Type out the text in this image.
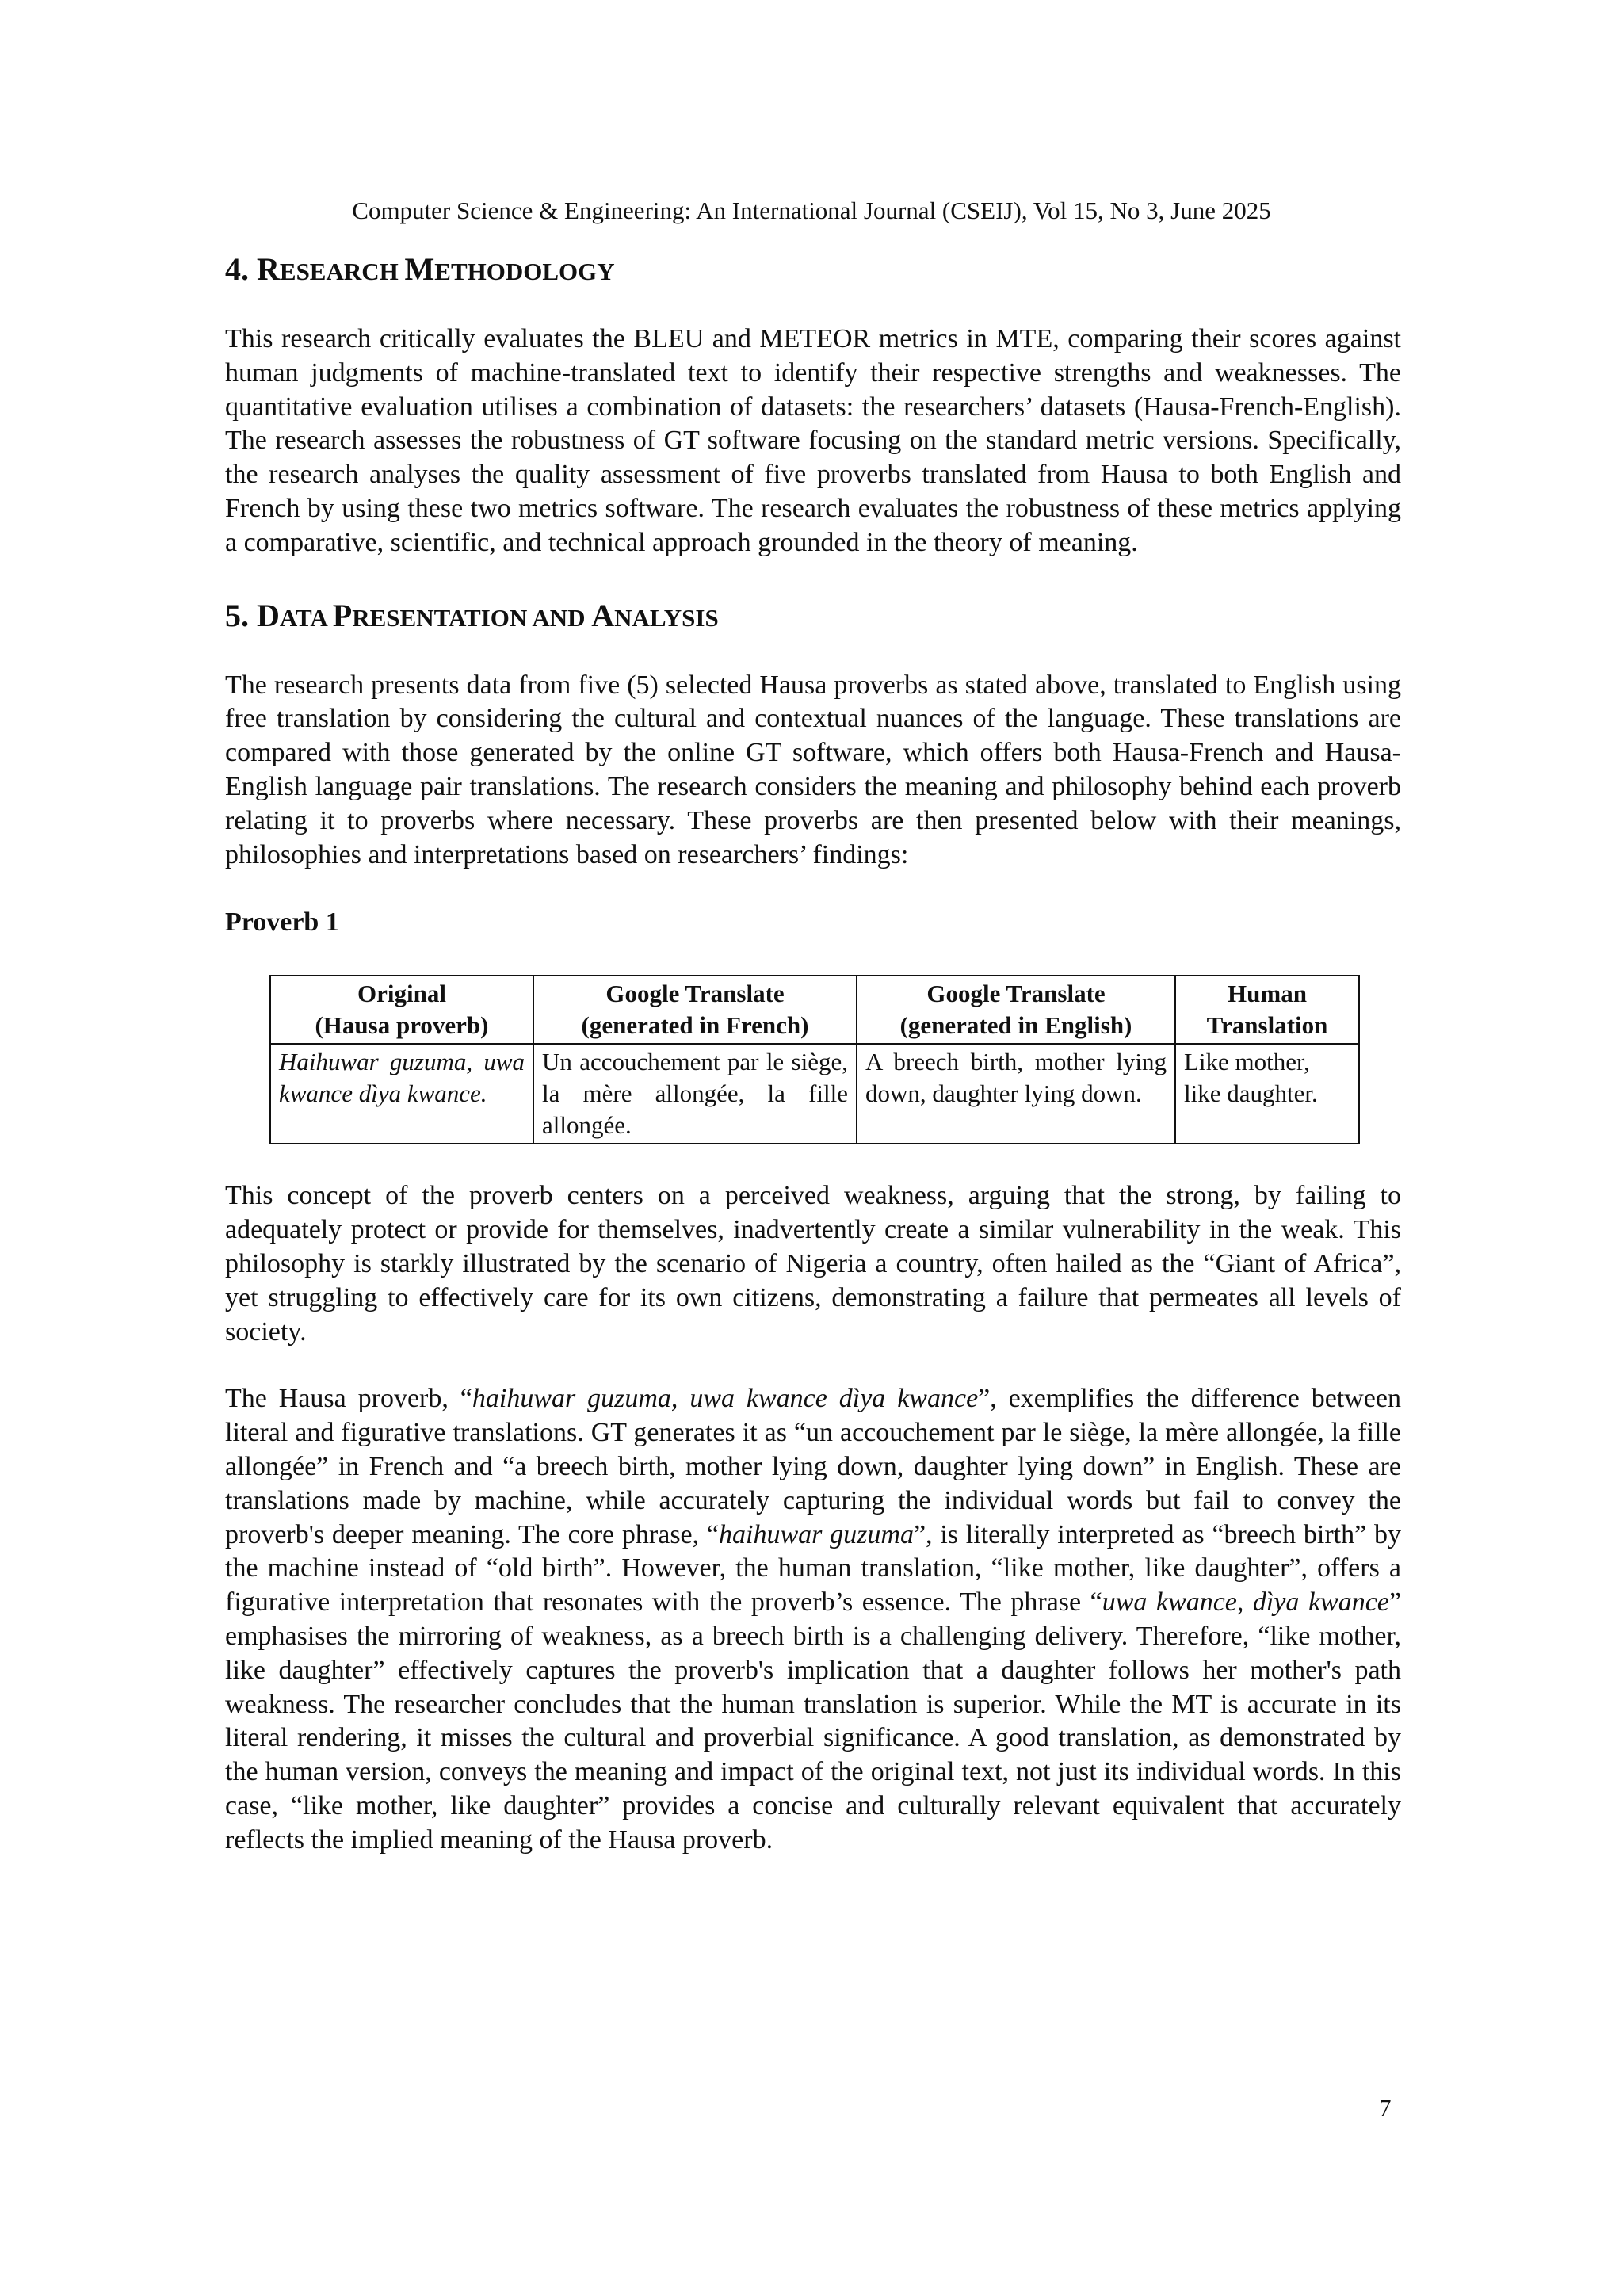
Computer Science & Engineering: An International Journal (CSEIJ), Vol 15, No 3, June 2025

4. RESEARCH METHODOLOGY

This research critically evaluates the BLEU and METEOR metrics in MTE, comparing their scores against human judgments of machine-translated text to identify their respective strengths and weaknesses. The quantitative evaluation utilises a combination of datasets: the researchers’ datasets (Hausa-French-English). The research assesses the robustness of GT software focusing on the standard metric versions. Specifically, the research analyses the quality assessment of five proverbs translated from Hausa to both English and French by using these two metrics software. The research evaluates the robustness of these metrics applying a comparative, scientific, and technical approach grounded in the theory of meaning.

5. DATA PRESENTATION AND ANALYSIS

The research presents data from five (5) selected Hausa proverbs as stated above, translated to English using free translation by considering the cultural and contextual nuances of the language. These translations are compared with those generated by the online GT software, which offers both Hausa-French and Hausa-English language pair translations. The research considers the meaning and philosophy behind each proverb relating it to proverbs where necessary. These proverbs are then presented below with their meanings, philosophies and interpretations based on researchers’ findings:

Proverb 1

Original
(Hausa proverb)	Google Translate
(generated in French)	Google Translate
(generated in English)	Human
Translation
Haihuwar guzuma, uwa kwance dìya kwance.	Un accouchement par le siège, la mère allongée, la fille allongée.	A breech birth, mother lying down, daughter lying down.	Like mother, like daughter.

This concept of the proverb centers on a perceived weakness, arguing that the strong, by failing to adequately protect or provide for themselves, inadvertently create a similar vulnerability in the weak. This philosophy is starkly illustrated by the scenario of Nigeria a country, often hailed as the “Giant of Africa”, yet struggling to effectively care for its own citizens, demonstrating a failure that permeates all levels of society.

The Hausa proverb, “haihuwar guzuma, uwa kwance dìya kwance”, exemplifies the difference between literal and figurative translations. GT generates it as “un accouchement par le siège, la mère allongée, la fille allongée” in French and “a breech birth, mother lying down, daughter lying down” in English. These are translations made by machine, while accurately capturing the individual words but fail to convey the proverb's deeper meaning. The core phrase, “haihuwar guzuma”, is literally interpreted as “breech birth” by the machine instead of “old birth”. However, the human translation, “like mother, like daughter”, offers a figurative interpretation that resonates with the proverb’s essence. The phrase “uwa kwance, dìya kwance” emphasises the mirroring of weakness, as a breech birth is a challenging delivery. Therefore, “like mother, like daughter” effectively captures the proverb's implication that a daughter follows her mother's path weakness. The researcher concludes that the human translation is superior. While the MT is accurate in its literal rendering, it misses the cultural and proverbial significance. A good translation, as demonstrated by the human version, conveys the meaning and impact of the original text, not just its individual words. In this case, “like mother, like daughter” provides a concise and culturally relevant equivalent that accurately reflects the implied meaning of the Hausa proverb.

7
